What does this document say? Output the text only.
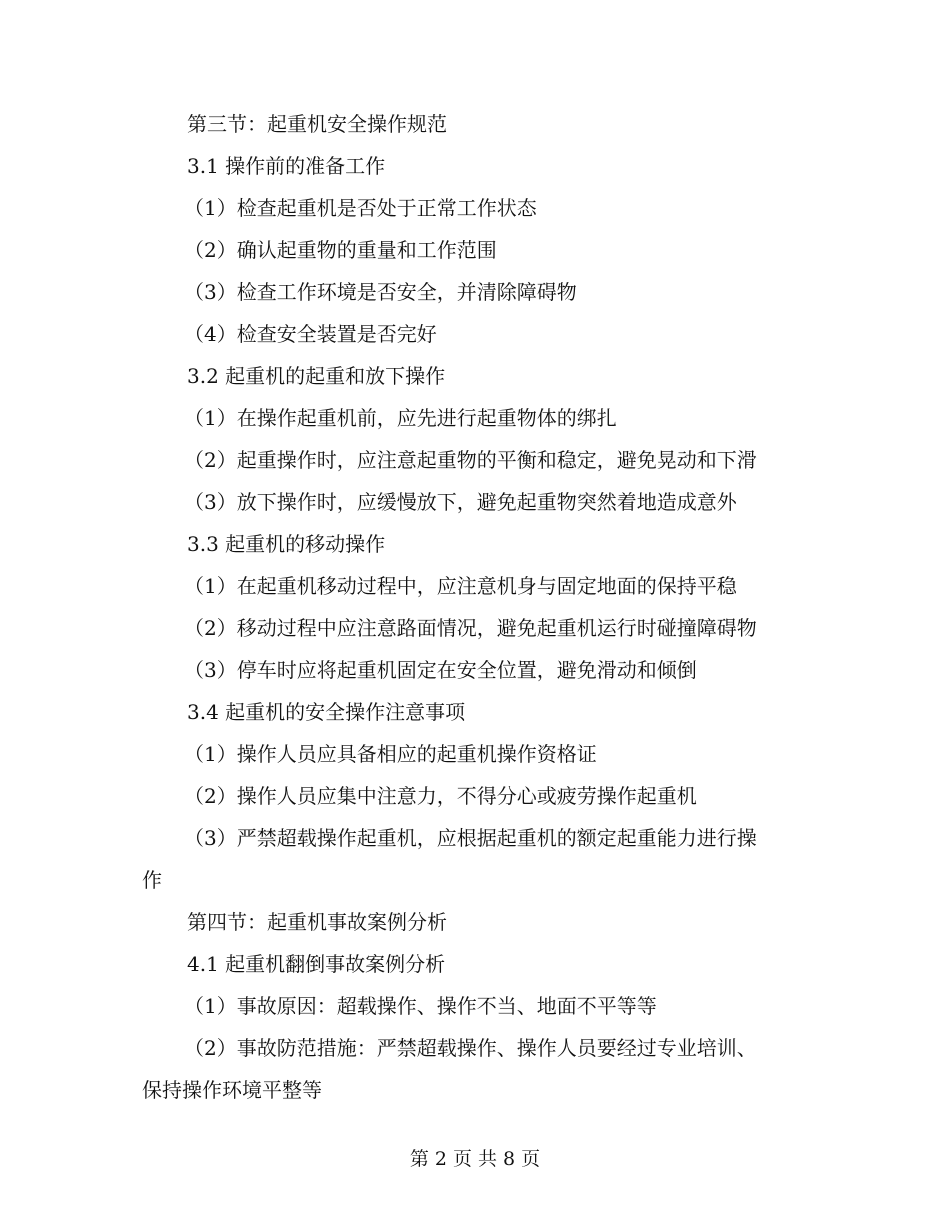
第三节：起重机安全操作规范
3.1 操作前的准备工作
（1）检查起重机是否处于正常工作状态
（2）确认起重物的重量和工作范围
（3）检查工作环境是否安全，并清除障碍物
（4）检查安全装置是否完好
3.2 起重机的起重和放下操作
（1）在操作起重机前，应先进行起重物体的绑扎
（2）起重操作时，应注意起重物的平衡和稳定，避免晃动和下滑
（3）放下操作时，应缓慢放下，避免起重物突然着地造成意外
3.3 起重机的移动操作
（1）在起重机移动过程中，应注意机身与固定地面的保持平稳
（2）移动过程中应注意路面情况，避免起重机运行时碰撞障碍物
（3）停车时应将起重机固定在安全位置，避免滑动和倾倒
3.4 起重机的安全操作注意事项
（1）操作人员应具备相应的起重机操作资格证
（2）操作人员应集中注意力，不得分心或疲劳操作起重机
（3）严禁超载操作起重机，应根据起重机的额定起重能力进行操
作
第四节：起重机事故案例分析
4.1 起重机翻倒事故案例分析
（1）事故原因：超载操作、操作不当、地面不平等等
（2）事故防范措施：严禁超载操作、操作人员要经过专业培训、
保持操作环境平整等
第 2 页 共 8 页
